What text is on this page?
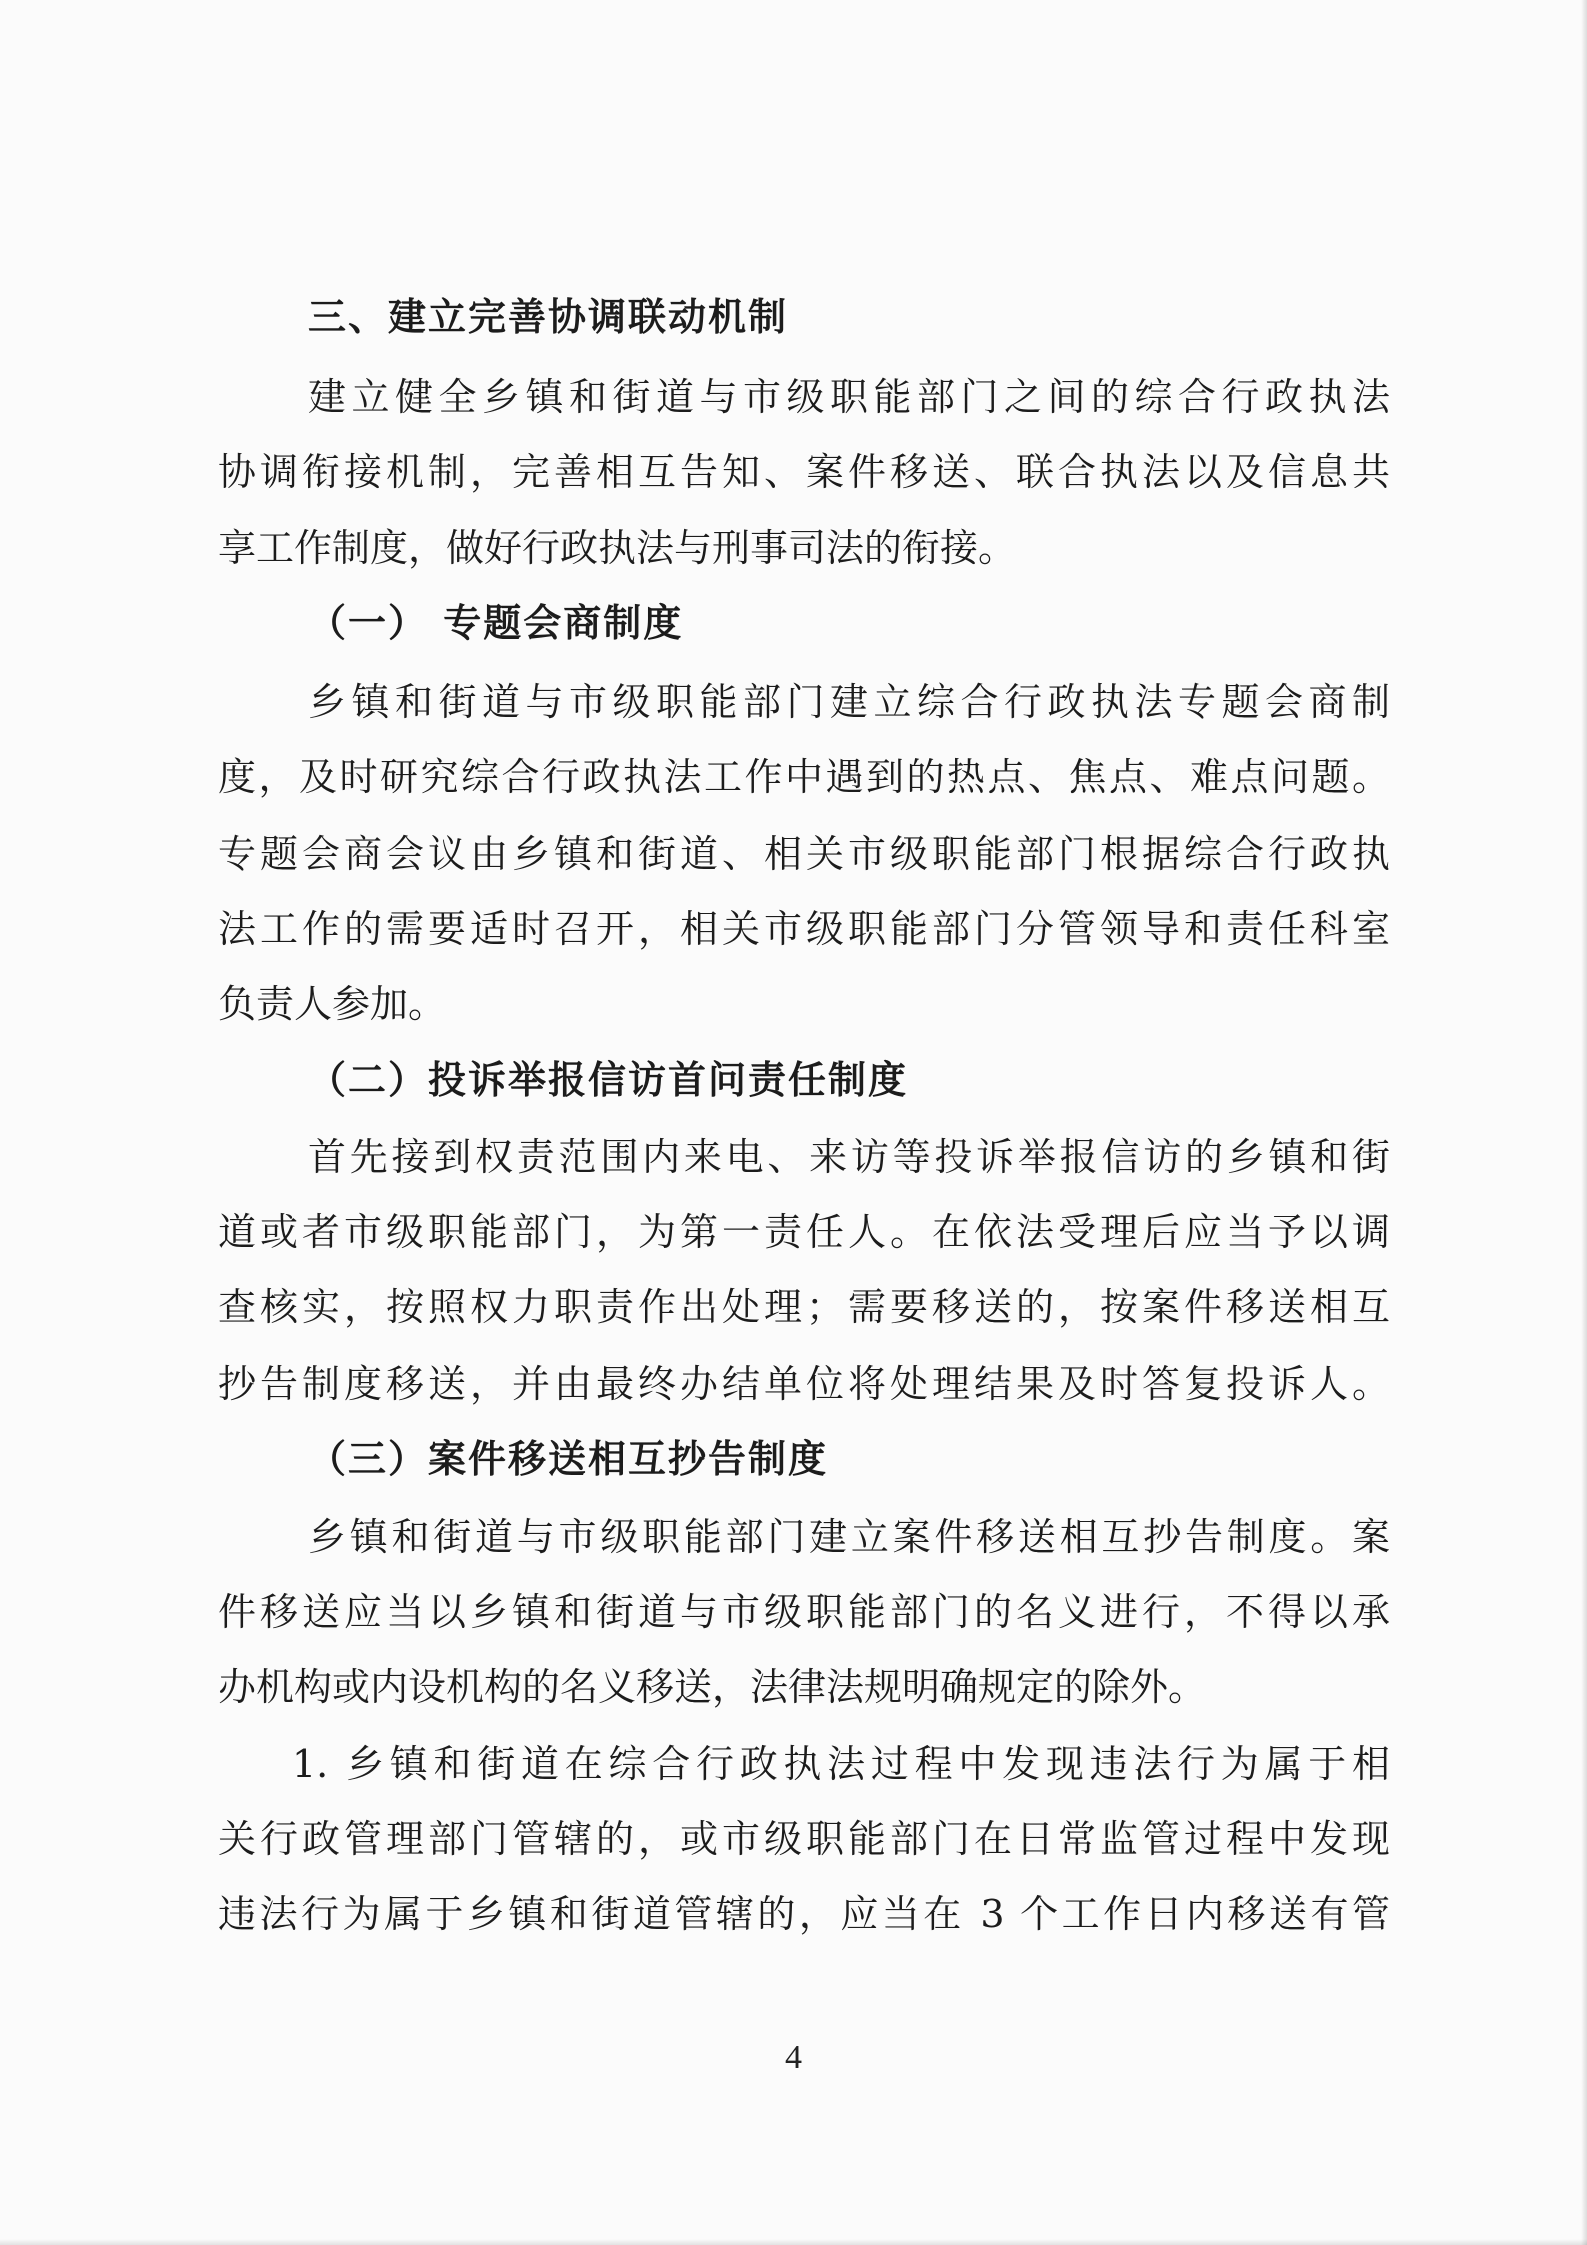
三、建立完善协调联动机制
建立健全乡镇和街道与市级职能部门之间的综合行政执法
协调衔接机制，完善相互告知、案件移送、联合执法以及信息共
享工作制度，做好行政执法与刑事司法的衔接。
（一） 专题会商制度
乡镇和街道与市级职能部门建立综合行政执法专题会商制
度，及时研究综合行政执法工作中遇到的热点、焦点、难点问题。
专题会商会议由乡镇和街道、相关市级职能部门根据综合行政执
法工作的需要适时召开，相关市级职能部门分管领导和责任科室
负责人参加。
（二）投诉举报信访首问责任制度
首先接到权责范围内来电、来访等投诉举报信访的乡镇和街
道或者市级职能部门，为第一责任人。在依法受理后应当予以调
查核实，按照权力职责作出处理；需要移送的，按案件移送相互
抄告制度移送，并由最终办结单位将处理结果及时答复投诉人。
（三）案件移送相互抄告制度
乡镇和街道与市级职能部门建立案件移送相互抄告制度。案
件移送应当以乡镇和街道与市级职能部门的名义进行，不得以承
办机构或内设机构的名义移送，法律法规明确规定的除外。
1. 乡镇和街道在综合行政执法过程中发现违法行为属于相
关行政管理部门管辖的，或市级职能部门在日常监管过程中发现
违法行为属于乡镇和街道管辖的，应当在 3 个工作日内移送有管
4
